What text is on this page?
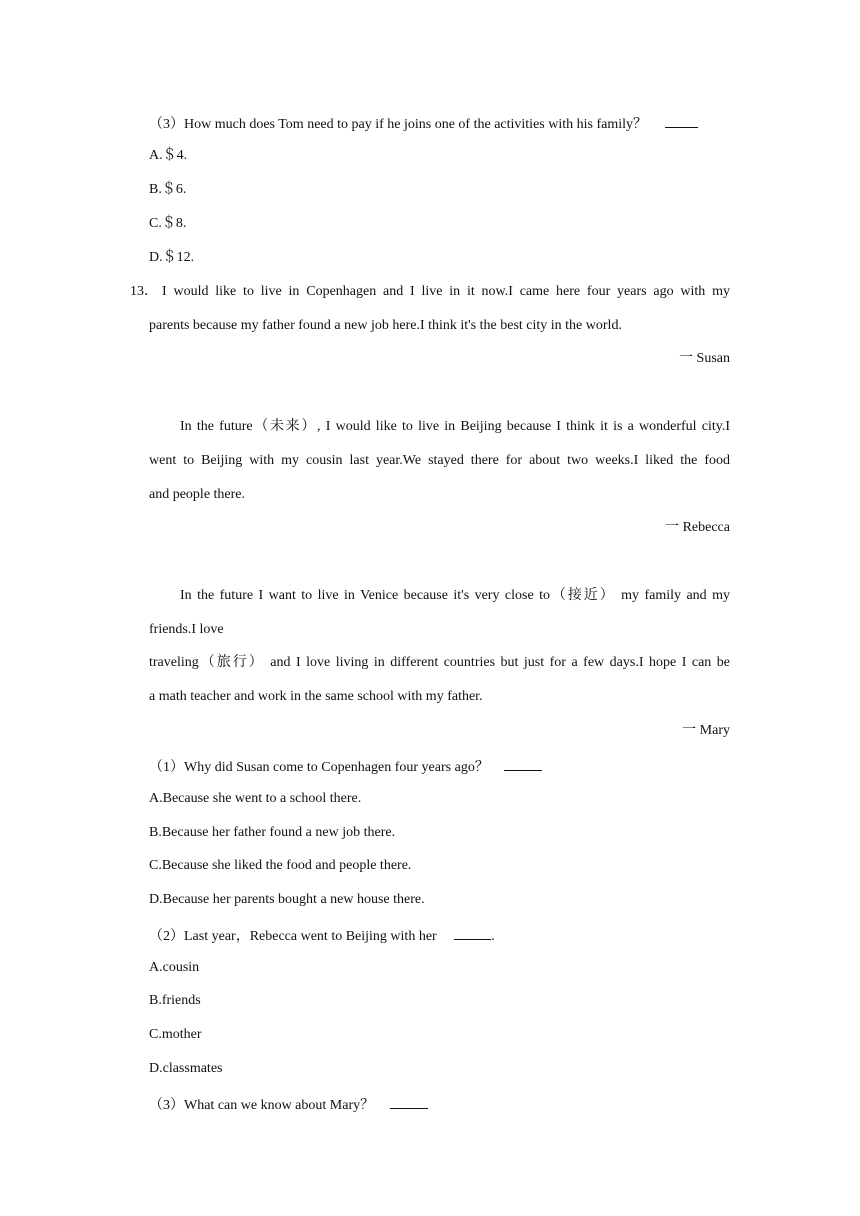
（3）How much does Tom need to pay if he joins one of the activities with his family？
A.＄4.
B.＄6.
C.＄8.
D.＄12.
13． I would like to live in Copenhagen and I live in it now.I came here four years ago with my
parents because my father found a new job here.I think it's the best city in the world.
一 Susan
In the future（未来）, I would like to live in Beijing because I think it is a wonderful city.I
went to Beijing with my cousin last year.We stayed there for about two weeks.I liked the food
and people there.
一 Rebecca
In the future I want to live in Venice because it's very close to（接近） my family and my
friends.I love
traveling（旅行） and I love living in different countries but just for a few days.I hope I can be
a math teacher and work in the same school with my father.
一 Mary
（1）Why did Susan come to Copenhagen four years ago？
A.Because she went to a school there.
B.Because her father found a new job there.
C.Because she liked the food and people there.
D.Because her parents bought a new house there.
（2）Last year，Rebecca went to Beijing with her	.
A.cousin
B.friends
C.mother
D.classmates
（3）What can we know about Mary？
